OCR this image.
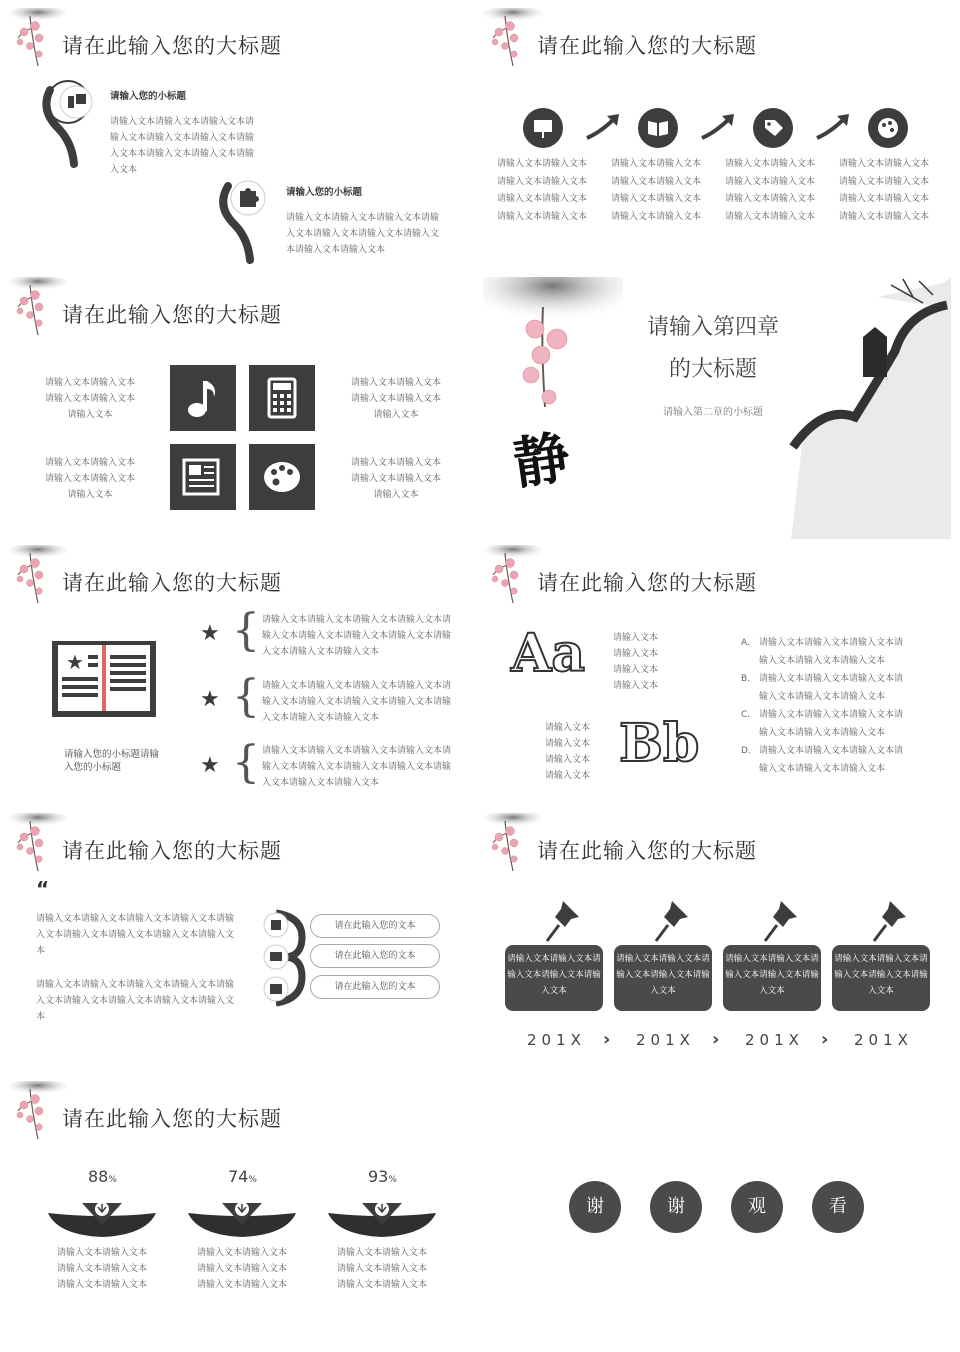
请在此输入您的大标题
请输入您的小标题
请输入文本请输入文本请输入文本请输入文本请输入文本请输入文本请输入文本本请输入文本请输入文本请输入文本
请输入您的小标题
请输入文本请输入文本请输入文本请输入文本请输入文本请输入文本请输入文本请输入文本请输入文本
请在此输入您的大标题
请输入文本请输入文本请输入文本请输入文本请输入文本请输入文本请输入文本请输入文本
请输入文本请输入文本请输入文本请输入文本请输入文本请输入文本请输入文本请输入文本
请输入文本请输入文本请输入文本请输入文本请输入文本请输入文本请输入文本请输入文本
请输入文本请输入文本请输入文本请输入文本请输入文本请输入文本请输入文本请输入文本
请在此输入您的大标题
请输入文本请输入文本请输入文本请输入文本请输入文本
请输入文本请输入文本请输入文本请输入文本请输入文本
请输入文本请输入文本请输入文本请输入文本请输入文本
请输入文本请输入文本请输入文本请输入文本请输入文本	静
请输入第四章
的大标题
请输入第二章的小标题
请在此输入您的大标题
★
请输入您的小标题请输入您的小标题
★ { 请输入文本请输入文本请输入文本请输入文本请输入文本请输入文本请输入文本请输入文本请输入文本请输入文本请输入文本
★ { 请输入文本请输入文本请输入文本请输入文本请输入文本请输入文本请输入文本请输入文本请输入文本请输入文本请输入文本
★ { 请输入文本请输入文本请输入文本请输入文本请输入文本请输入文本请输入文本请输入文本请输入文本请输入文本请输入文本
请在此输入您的大标题
Aa	请输入文本请输入文本请输入文本请输入文本
请输入文本请输入文本请输入文本请输入文本
Bb
A.	请输入文本请输入文本请输入文本请输入文本请输入文本请输入文本
B. 请输入文本请输入文本请输入文本请输入文本请输入文本请输入文本
C. 请输入文本请输入文本请输入文本请输入文本请输入文本请输入文本
D. 请输入文本请输入文本请输入文本请输入文本请输入文本请输入文本
请在此输入您的大标题
“
请输入文本请输入文本请输入文本请输入文本请输入文本请输入文本请输入文本请输入文本请输入文本
请输入文本请输入文本请输入文本请输入文本请输入文本请输入文本请输入文本请输入文本请输入文本
请在此输入您的文本
请在此输入您的文本
请在此输入您的文本
请在此输入您的大标题
请输入文本请输入文本请输入文本请输入文本请输入文本
请输入文本请输入文本请输入文本请输入文本请输入文本
请输入文本请输入文本请输入文本请输入文本请输入文本
请输入文本请输入文本请输入文本请输入文本请输入文本
201X › 201X › 201X › 201X
请在此输入您的大标题
88%
请输入文本请输入文本请输入文本请输入文本请输入文本请输入文本
74%
请输入文本请输入文本请输入文本请输入文本请输入文本请输入文本
93%
请输入文本请输入文本请输入文本请输入文本请输入文本请输入文本
谢	谢	观	看
